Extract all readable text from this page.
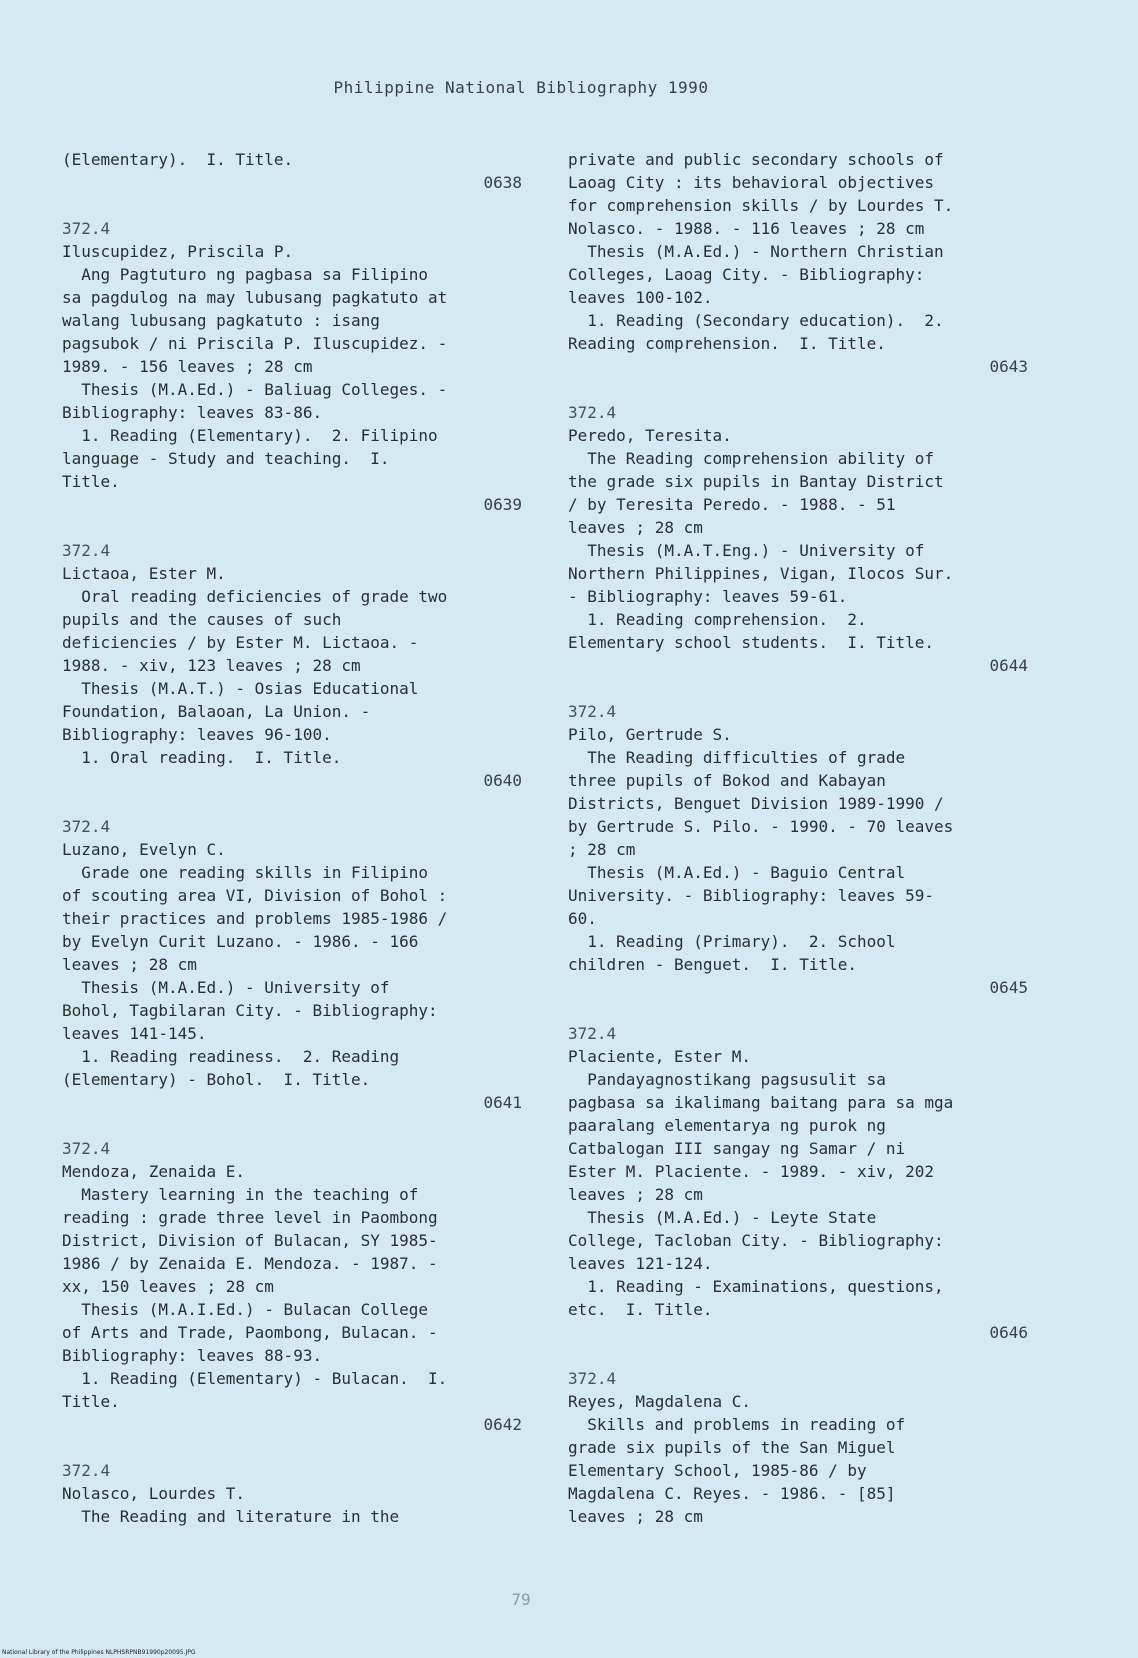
Philippine National Bibliography 1990
(Elementary).  I. Title.
0638
372.4
Iluscupidez, Priscila P.
Ang Pagtuturo ng pagbasa sa Filipino
sa pagdulog na may lubusang pagkatuto at
walang lubusang pagkatuto : isang
pagsubok / ni Priscila P. Iluscupidez. -
1989. - 156 leaves ; 28 cm
Thesis (M.A.Ed.) - Baliuag Colleges. -
Bibliography: leaves 83-86.
1. Reading (Elementary).  2. Filipino
language - Study and teaching.  I.
Title.
0639
372.4
Lictaoa, Ester M.
Oral reading deficiencies of grade two
pupils and the causes of such
deficiencies / by Ester M. Lictaoa. -
1988. - xiv, 123 leaves ; 28 cm
Thesis (M.A.T.) - Osias Educational
Foundation, Balaoan, La Union. -
Bibliography: leaves 96-100.
1. Oral reading.  I. Title.
0640
372.4
Luzano, Evelyn C.
Grade one reading skills in Filipino
of scouting area VI, Division of Bohol :
their practices and problems 1985-1986 /
by Evelyn Curit Luzano. - 1986. - 166
leaves ; 28 cm
Thesis (M.A.Ed.) - University of
Bohol, Tagbilaran City. - Bibliography:
leaves 141-145.
1. Reading readiness.  2. Reading
(Elementary) - Bohol.  I. Title.
0641
372.4
Mendoza, Zenaida E.
Mastery learning in the teaching of
reading : grade three level in Paombong
District, Division of Bulacan, SY 1985-
1986 / by Zenaida E. Mendoza. - 1987. -
xx, 150 leaves ; 28 cm
Thesis (M.A.I.Ed.) - Bulacan College
of Arts and Trade, Paombong, Bulacan. -
Bibliography: leaves 88-93.
1. Reading (Elementary) - Bulacan.  I.
Title.
0642
372.4
Nolasco, Lourdes T.
The Reading and literature in the
private and public secondary schools of
Laoag City : its behavioral objectives
for comprehension skills / by Lourdes T.
Nolasco. - 1988. - 116 leaves ; 28 cm
Thesis (M.A.Ed.) - Northern Christian
Colleges, Laoag City. - Bibliography:
leaves 100-102.
1. Reading (Secondary education).  2.
Reading comprehension.  I. Title.
0643
372.4
Peredo, Teresita.
The Reading comprehension ability of
the grade six pupils in Bantay District
/ by Teresita Peredo. - 1988. - 51
leaves ; 28 cm
Thesis (M.A.T.Eng.) - University of
Northern Philippines, Vigan, Ilocos Sur.
- Bibliography: leaves 59-61.
1. Reading comprehension.  2.
Elementary school students.  I. Title.
0644
372.4
Pilo, Gertrude S.
The Reading difficulties of grade
three pupils of Bokod and Kabayan
Districts, Benguet Division 1989-1990 /
by Gertrude S. Pilo. - 1990. - 70 leaves
; 28 cm
Thesis (M.A.Ed.) - Baguio Central
University. - Bibliography: leaves 59-
60.
1. Reading (Primary).  2. School
children - Benguet.  I. Title.
0645
372.4
Placiente, Ester M.
Pandayagnostikang pagsusulit sa
pagbasa sa ikalimang baitang para sa mga
paaralang elementarya ng purok ng
Catbalogan III sangay ng Samar / ni
Ester M. Placiente. - 1989. - xiv, 202
leaves ; 28 cm
Thesis (M.A.Ed.) - Leyte State
College, Tacloban City. - Bibliography:
leaves 121-124.
1. Reading - Examinations, questions,
etc.  I. Title.
0646
372.4
Reyes, Magdalena C.
Skills and problems in reading of
grade six pupils of the San Miguel
Elementary School, 1985-86 / by
Magdalena C. Reyes. - 1986. - [85]
leaves ; 28 cm
79
National Library of the Philippines NLPHSRPNB91990p20095.JPG
